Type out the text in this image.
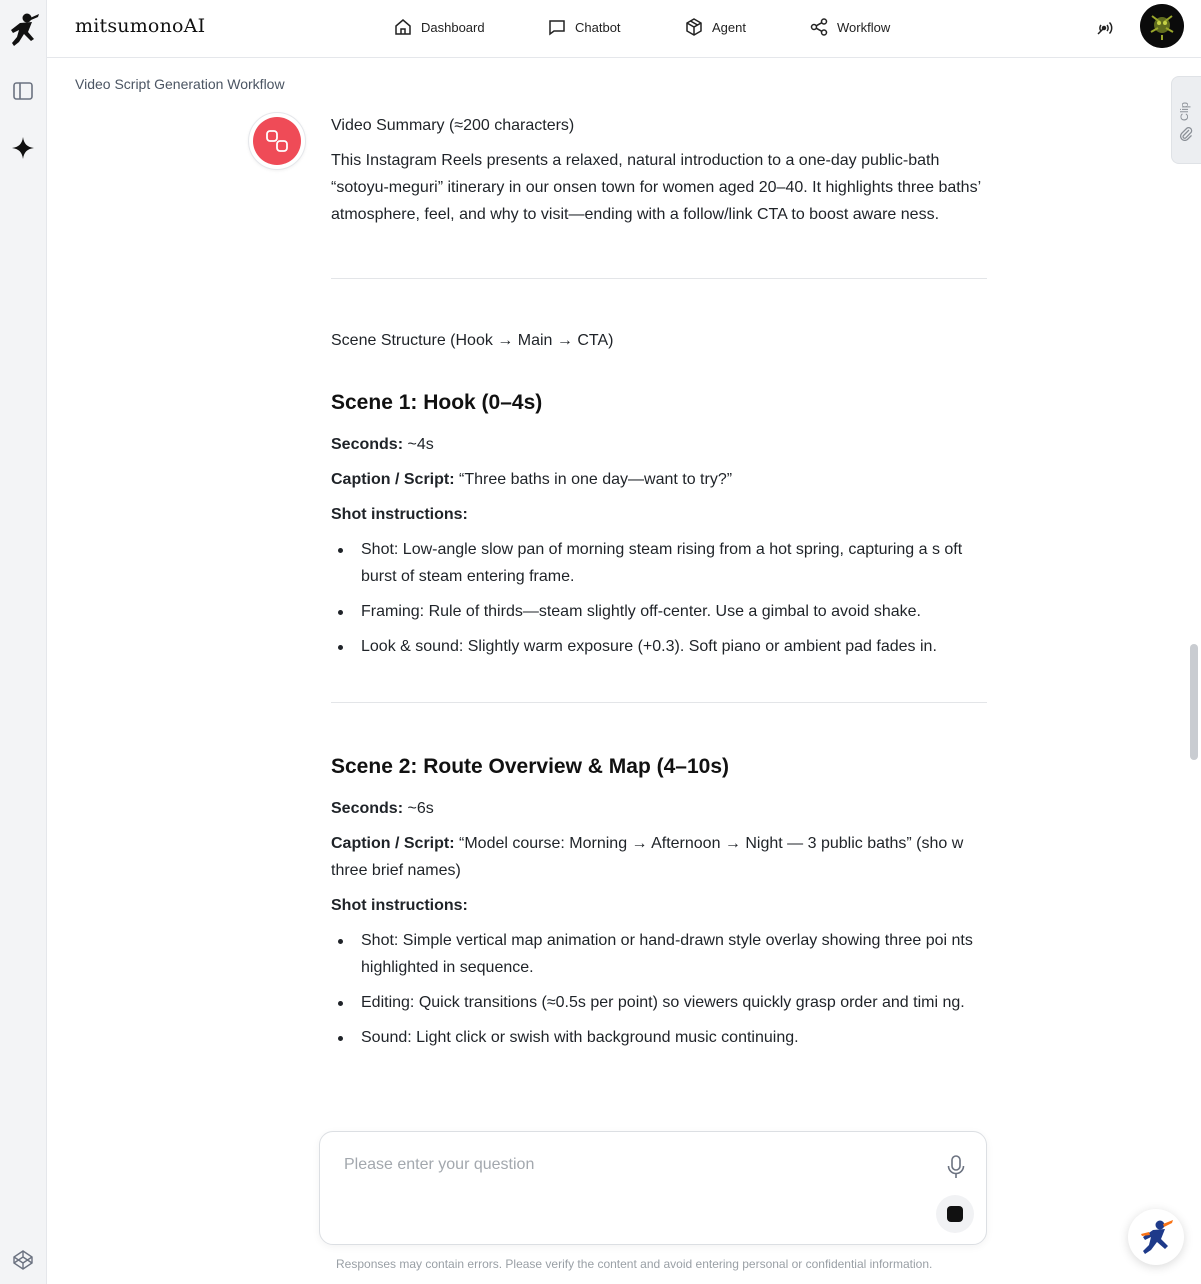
mitsumonoAI	Dashboard	Chatbot	Agent	Workflow
Video Script Generation Workflow
Clip

Video Summary (≈200 characters)

This Instagram Reels presents a relaxed, natural introduction to a one-day public-bath “sotoyu-meguri” itinerary in our onsen town for women aged 20–40. It highlights three baths’ atmosphere, feel, and why to visit—ending with a follow/link CTA to boost aware ness.

Scene Structure (Hook → Main → CTA)

Scene 1: Hook (0–4s)

Seconds: ~4s

Caption / Script: “Three baths in one day—want to try?”

Shot instructions:

Shot: Low-angle slow pan of morning steam rising from a hot spring, capturing a s oft burst of steam entering frame.
Framing: Rule of thirds—steam slightly off-center. Use a gimbal to avoid shake.
Look & sound: Slightly warm exposure (+0.3). Soft piano or ambient pad fades in.
Scene 2: Route Overview & Map (4–10s)

Seconds: ~6s

Caption / Script: “Model course: Morning → Afternoon → Night — 3 public baths” (sho w three brief names)

Shot instructions:

Shot: Simple vertical map animation or hand-drawn style overlay showing three poi nts highlighted in sequence.
Editing: Quick transitions (≈0.5s per point) so viewers quickly grasp order and timi ng.
Sound: Light click or swish with background music continuing.
Please enter your question
Responses may contain errors. Please verify the content and avoid entering personal or confidential information.
